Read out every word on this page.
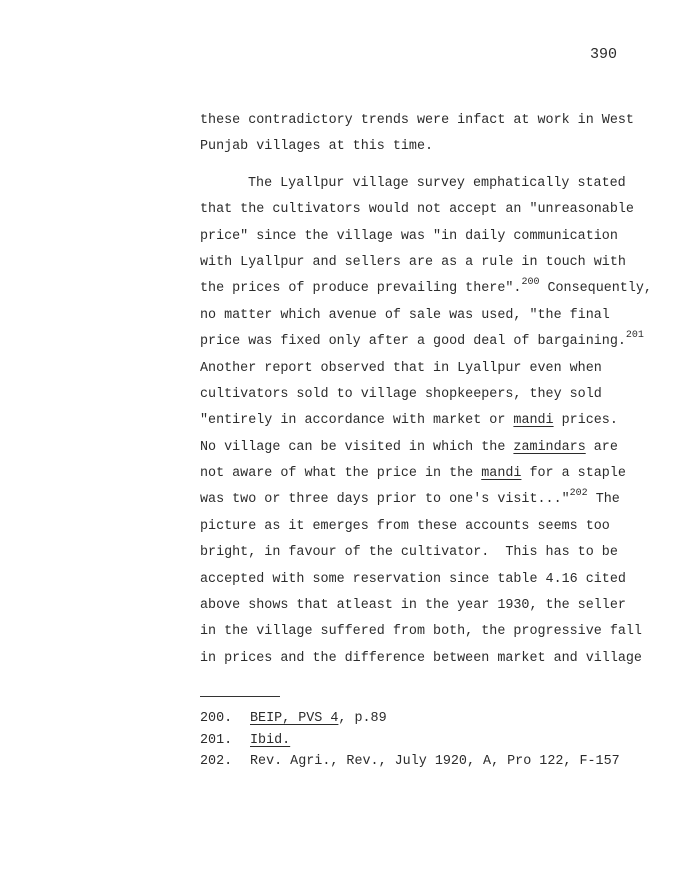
390
these contradictory trends were infact at work in West
Punjab villages at this time.
The Lyallpur village survey emphatically stated
that the cultivators would not accept an "unreasonable
price" since the village was "in daily communication
with Lyallpur and sellers are as a rule in touch with
the prices of produce prevailing there".$^{200}$ Consequently,
no matter which avenue of sale was used, "the final
price was fixed only after a good deal of bargaining.$^{201}$
Another report observed that in Lyallpur even when
cultivators sold to village shopkeepers, they sold
"entirely in accordance with market or mandi prices.
No village can be visited in which the zamindars are
not aware of what the price in the mandi for a staple
was two or three days prior to one's visit..."$^{202}$ The
picture as it emerges from these accounts seems too
bright, in favour of the cultivator.  This has to be
accepted with some reservation since table 4.16 cited
above shows that atleast in the year 1930, the seller
in the village suffered from both, the progressive fall
in prices and the difference between market and village
200. BEIP, PVS 4, p.89
201. Ibid.
202. Rev. Agri., Rev., July 1920, A, Pro 122, F-157
